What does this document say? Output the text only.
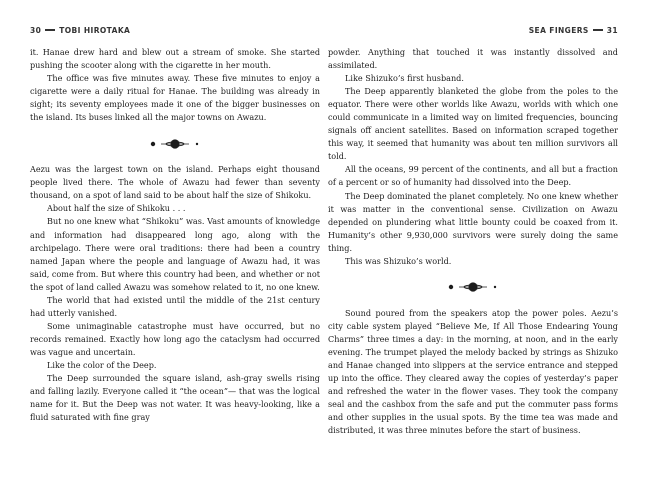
30 TOBI HIROTAKA

it. Hanae drew hard and blew out a stream of smoke. She started pushing the scooter along with the cigarette in her mouth.

The office was five minutes away. These five minutes to enjoy a cigarette were a daily ritual for Hanae. The building was already in sight; its seventy employees made it one of the bigger businesses on the island. Its buses linked all the major towns on Awazu.

Aezu was the largest town on the island. Perhaps eight thousand people lived there. The whole of Awazu had fewer than seventy thousand, on a spot of land said to be about half the size of Shikoku.

About half the size of Shikoku . . .

But no one knew what “Shikoku” was. Vast amounts of knowledge and information had disappeared long ago, along with the archipelago. There were oral traditions: there had been a country named Japan where the people and language of Awazu had, it was said, come from. But where this country had been, and whether or not the spot of land called Awazu was somehow related to it, no one knew.

The world that had existed until the middle of the 21st century had utterly vanished.

Some unimaginable catastrophe must have occurred, but no records remained. Exactly how long ago the cataclysm had occurred was vague and uncertain.

Like the color of the Deep.

The Deep surrounded the square island, ash-gray swells rising and falling lazily. Everyone called it “the ocean”— that was the logical name for it. But the Deep was not water. It was heavy-looking, like a fluid saturated with fine gray

SEA FINGERS 31

powder. Anything that touched it was instantly dissolved and assimilated.

Like Shizuko’s first husband.

The Deep apparently blanketed the globe from the poles to the equator. There were other worlds like Awazu, worlds with which one could communicate in a limited way on limited frequencies, bouncing signals off ancient satellites. Based on information scraped together this way, it seemed that humanity was about ten million survivors all told.

All the oceans, 99 percent of the continents, and all but a fraction of a percent or so of humanity had dissolved into the Deep.

The Deep dominated the planet completely. No one knew whether it was matter in the conventional sense. Civilization on Awazu depended on plundering what little bounty could be coaxed from it. Humanity’s other 9,930,000 survivors were surely doing the same thing.

This was Shizuko’s world.

Sound poured from the speakers atop the power poles. Aezu’s city cable system played “Believe Me, If All Those Endearing Young Charms” three times a day: in the morning, at noon, and in the early evening. The trumpet played the melody backed by strings as Shizuko and Hanae changed into slippers at the service entrance and stepped up into the office. They cleared away the copies of yesterday’s paper and refreshed the water in the flower vases. They took the company seal and the cashbox from the safe and put the commuter pass forms and other supplies in the usual spots. By the time tea was made and distributed, it was three minutes before the start of business.
